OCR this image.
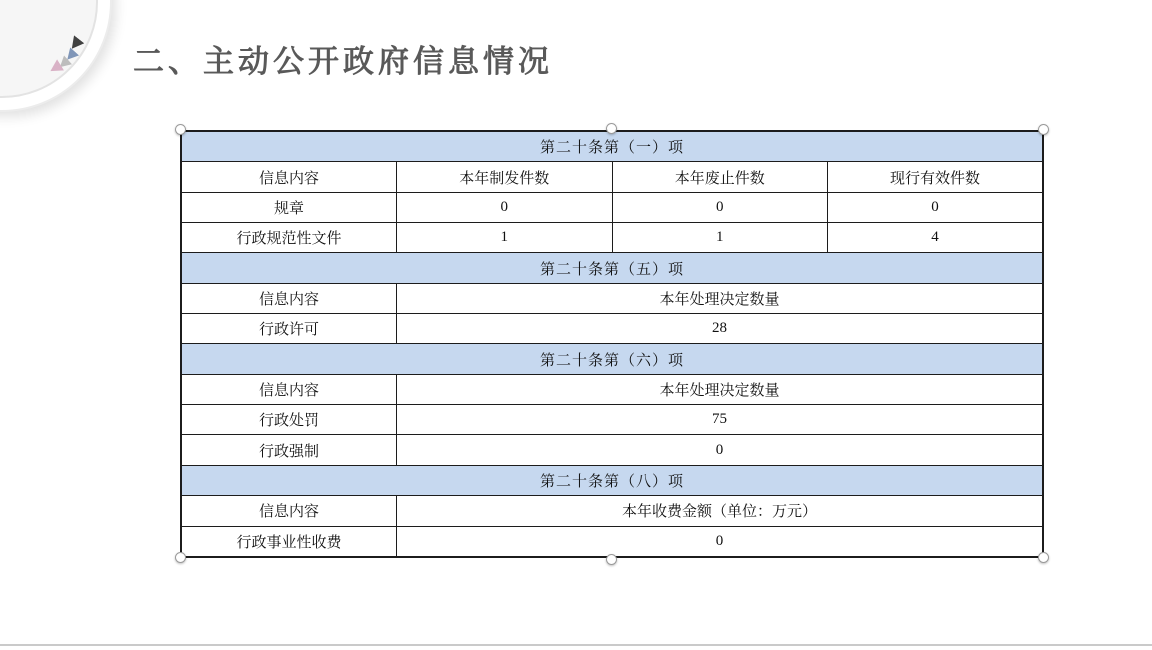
二、主动公开政府信息情况
第二十条第（一）项			
信息内容	本年制发件数	本年废止件数	现行有效件数
规章	0	0	0
行政规范性文件	1	1	4
第二十条第（五）项			
信息内容	本年处理决定数量		
行政许可	28		
第二十条第（六）项			
信息内容	本年处理决定数量		
行政处罚	75		
行政强制	0		
第二十条第（八）项			
信息内容	本年收费金额（单位：万元）		
行政事业性收费	0		
